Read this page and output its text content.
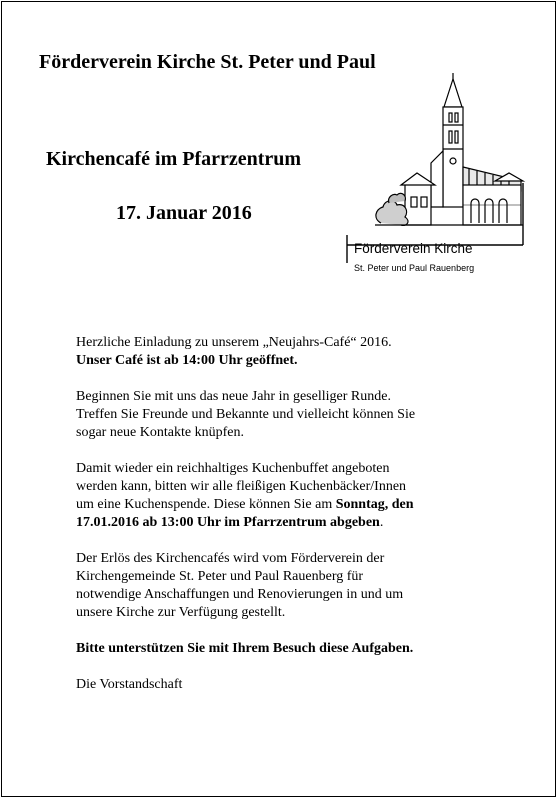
Förderverein Kirche St. Peter und Paul
Kirchencafé im Pfarrzentrum
17. Januar 2016
Förderverein Kirche
St. Peter und Paul Rauenberg

Herzliche Einladung zu unserem „Neujahrs-Café“ 2016.
Unser Café ist ab 14:00 Uhr geöffnet.

Beginnen Sie mit uns das neue Jahr in geselliger Runde.
Treffen Sie Freunde und Bekannte und vielleicht können Sie
sogar neue Kontakte knüpfen.

Damit wieder ein reichhaltiges Kuchenbuffet angeboten
werden kann, bitten wir alle fleißigen Kuchenbäcker/Innen
um eine Kuchenspende. Diese können Sie am Sonntag, den
17.01.2016 ab 13:00 Uhr im Pfarrzentrum abgeben.

Der Erlös des Kirchencafés wird vom Förderverein der
Kirchengemeinde St. Peter und Paul Rauenberg für
notwendige Anschaffungen und Renovierungen in und um
unsere Kirche zur Verfügung gestellt.

Bitte unterstützen Sie mit Ihrem Besuch diese Aufgaben.

Die Vorstandschaft
